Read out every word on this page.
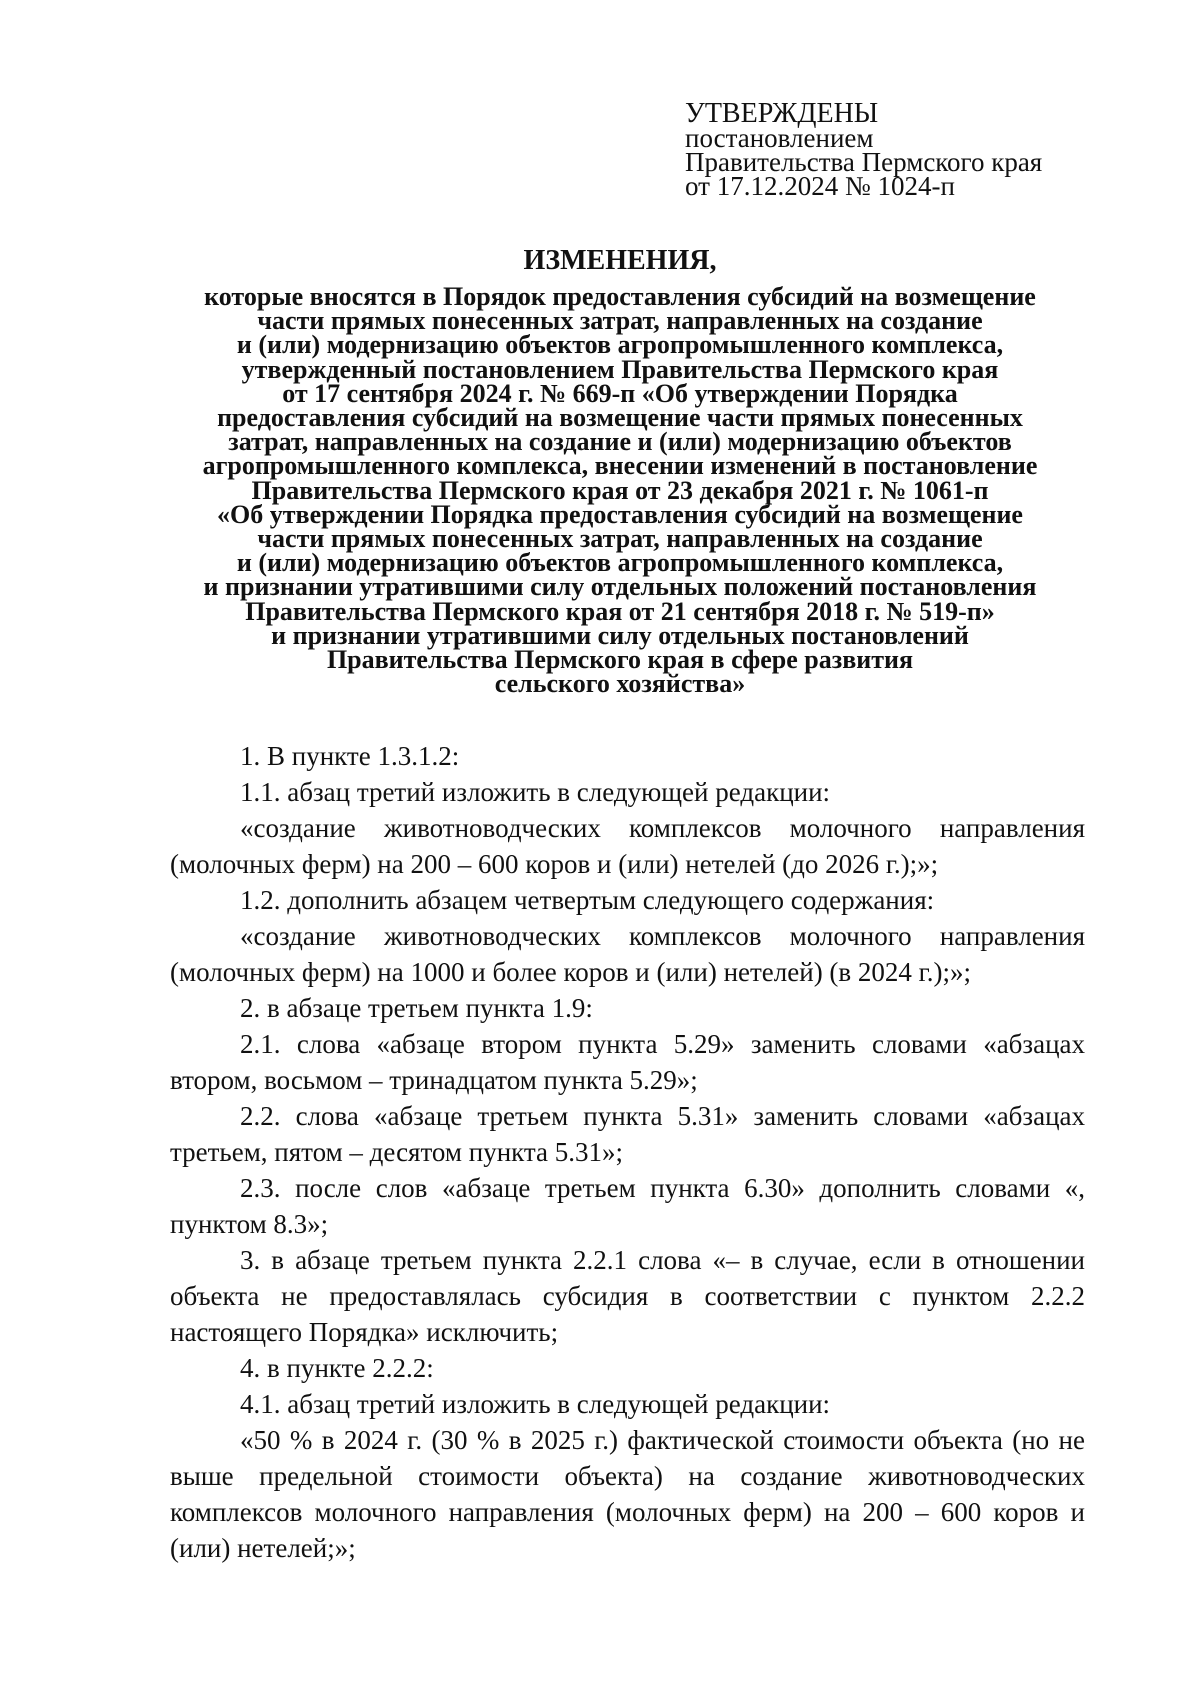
УТВЕРЖДЕНЫ
постановлением
Правительства Пермского края
от 17.12.2024 № 1024-п
ИЗМЕНЕНИЯ,
которые вносятся в Порядок предоставления субсидий на возмещение
части прямых понесенных затрат, направленных на создание
и (или) модернизацию объектов агропромышленного комплекса,
утвержденный постановлением Правительства Пермского края
от 17 сентября 2024 г. № 669-п «Об утверждении Порядка
предоставления субсидий на возмещение части прямых понесенных
затрат, направленных на создание и (или) модернизацию объектов
агропромышленного комплекса, внесении изменений в постановление
Правительства Пермского края от 23 декабря 2021 г. № 1061-п
«Об утверждении Порядка предоставления субсидий на возмещение
части прямых понесенных затрат, направленных на создание
и (или) модернизацию объектов агропромышленного комплекса,
и признании утратившими силу отдельных положений постановления
Правительства Пермского края от 21 сентября 2018 г. № 519-п»
и признании утратившими силу отдельных постановлений
Правительства Пермского края в сфере развития
сельского хозяйства»

1. В пункте 1.3.1.2:

1.1. абзац третий изложить в следующей редакции:

«создание животноводческих комплексов молочного направления (молочных ферм) на 200 – 600 коров и (или) нетелей (до 2026 г.);»;

1.2. дополнить абзацем четвертым следующего содержания:

«создание животноводческих комплексов молочного направления (молочных ферм) на 1000 и более коров и (или) нетелей) (в 2024 г.);»;

2. в абзаце третьем пункта 1.9:

2.1. слова «абзаце втором пункта 5.29» заменить словами «абзацах втором, восьмом – тринадцатом пункта 5.29»;

2.2. слова «абзаце третьем пункта 5.31» заменить словами «абзацах третьем, пятом – десятом пункта 5.31»;

2.3. после слов «абзаце третьем пункта 6.30» дополнить словами «, пунктом 8.3»;

3. в абзаце третьем пункта 2.2.1 слова «– в случае, если в отношении объекта не предоставлялась субсидия в соответствии с пунктом 2.2.2 настоящего Порядка» исключить;

4. в пункте 2.2.2:

4.1. абзац третий изложить в следующей редакции:

«50 % в 2024 г. (30 % в 2025 г.) фактической стоимости объекта (но не выше предельной стоимости объекта) на создание животноводческих комплексов молочного направления (молочных ферм) на 200 – 600 коров и (или) нетелей;»;
